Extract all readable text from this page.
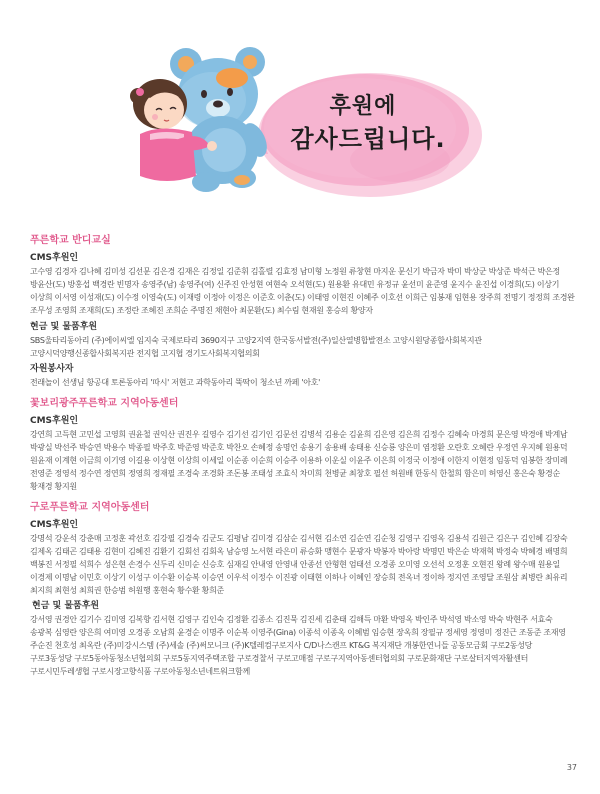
후원에
감사드립니다.
푸른학교 반디교실
CMS후원인
고수영 김경자 김나혜 김미성 김선문 김은경 김재은 김정일 김준휘 김홀렬 김효정 남미형 노정원 류창현 마지운 문신기 박금자 박미 박상군 박상준 박석근 박은정 방윤산(도) 방홍섭 백경란 빈명자 송영주(남) 송영주(여) 신주진 안성현 여현숙 오석현(도) 원용환 유대민 유정규 윤선미 윤준영 윤지수 윤진섭 이경희(도) 이상기 이상희 이서영 이성재(도) 이수정 이영숙(도) 이재령 이정아 이정은 이준호 이춘(도) 이태영 이현진 이혜주 이호선 이희근 임봉재 임현용 장주희 전명기 정정희 조경완 조무성 조영희 조재희(도) 조정란 조혜진 조희순 주명진 채현아 최문환(도) 최수림 현재원 홍승의 황양자
현금 및 물품후원
SBS울타리동아리 (주)에이씨엘 임지숙 국제로타리 3690지구 고양2지역 한국동서발전(주)일산열병합발전소 고양시원당종합사회복지관 고양시덕양행신종합사회복지관 전지협 고지협 경기도사회복지협의회
자원봉사자
전래놀이 선생님 항공대 토론동아리 '따시' 저현고 과학동아리 뚝딱이 청소년 까페 '아호'
꽃보리광주푸른학교 지역아동센터
CMS후원인
강연희 고득현 고민섭 고영희 권윤철 권익산 권진우 길영수 김기선 김기인 김문선 김병석 김용순 김윤희 김은영 김은희 김정수 김혜숙 마경희 문은영 박경애 박계남 박광실 박선주 박승연 박용수 박종필 박주호 박준영 박준호 박찬오 손혜정 송명언 송용기 송용배 송태용 신승룡 양은미 염정환 오란호 오혜란 우정연 우지혜 원용덕 원윤재 이계현 이금희 이기영 이길용 이상현 이상희 이세일 이순종 이순희 이승주 이용하 이운실 이윤주 이은희 이정국 이정애 이한지 이현정 임동덕 임봉한 장미례 전영준 정영석 정수연 정연희 정영희 정재필 조경숙 조경화 조돈봉 조태성 조효식 차미희 천병균 최창호 필선 허원배 한동식 한철희 함은미 허영신 홍은숙 황경순 황재경 황지원
구로푸른학교 지역아동센터
CMS후원인
강명석 강운석 강춘매 고정훈 곽선호 김강필 김경숙 김군도 김평남 김미경 김삼순 김서현 김소연 김순연 김순청 김영구 김영옥 김용석 김원근 김은구 김인혜 김장숙 김제옥 김태곤 김태용 김현미 김혜진 김환기 김회선 김회옥 남승영 노서현 라은미 류승화 맹현수 문광자 박봉자 박아랑 박명민 박은순 박재혁 박정숙 박혜경 배명희 백봉진 서정필 석희수 성은현 손경수 신두리 신미순 신승호 심재길 안내영 안영내 안종선 안형현 엄태선 오경종 오미영 오선석 오정훈 오현진 왕례 왕수매 원용일 이경제 이명남 이민호 이상기 이성구 이수환 이승복 이승연 이우석 이정수 이진광 이태현 이하나 이혜인 장승희 전옥녀 정이하 정지연 조영달 조원삼 최병란 최유리 최지희 최현성 최희권 한승범 허원행 홍현숙 황수환 황희준
현금 및 물품후원
강서영 권경안 김기수 김미영 김복향 김서현 김영구 김인숙 김정환 김종소 김진묵 김진세 김춘태 김해득 마환 박영옥 박인주 박석영 박소영 박숙 박현주 서효숙 송광복 심영란 양은희 여미영 오경종 오남희 윤경순 이명주 이순복 이영주(Gina) 이종석 이종옥 이혜범 임승현 장옥희 장필규 정세영 정영미 정진근 조동준 조재영 주순진 천호성 최옥란 (주)미강시스템 (주)세솔 (주)써모니크 (주)K텔레컴구로지사 C/D나스캔프 KT&G 복지재단 개봉한연니들 공동모금회 구로2동성당 구로3동성당 구로5동아동청소년협의회 구로5동지역주택조합 구로경찰서 구로고매점 구로구지역아동센터협의회 구로문화재단 구로살터지역자활센터 구로시민두레생협 구로시장고향식품 구로아동청소년네트워크함께
37
